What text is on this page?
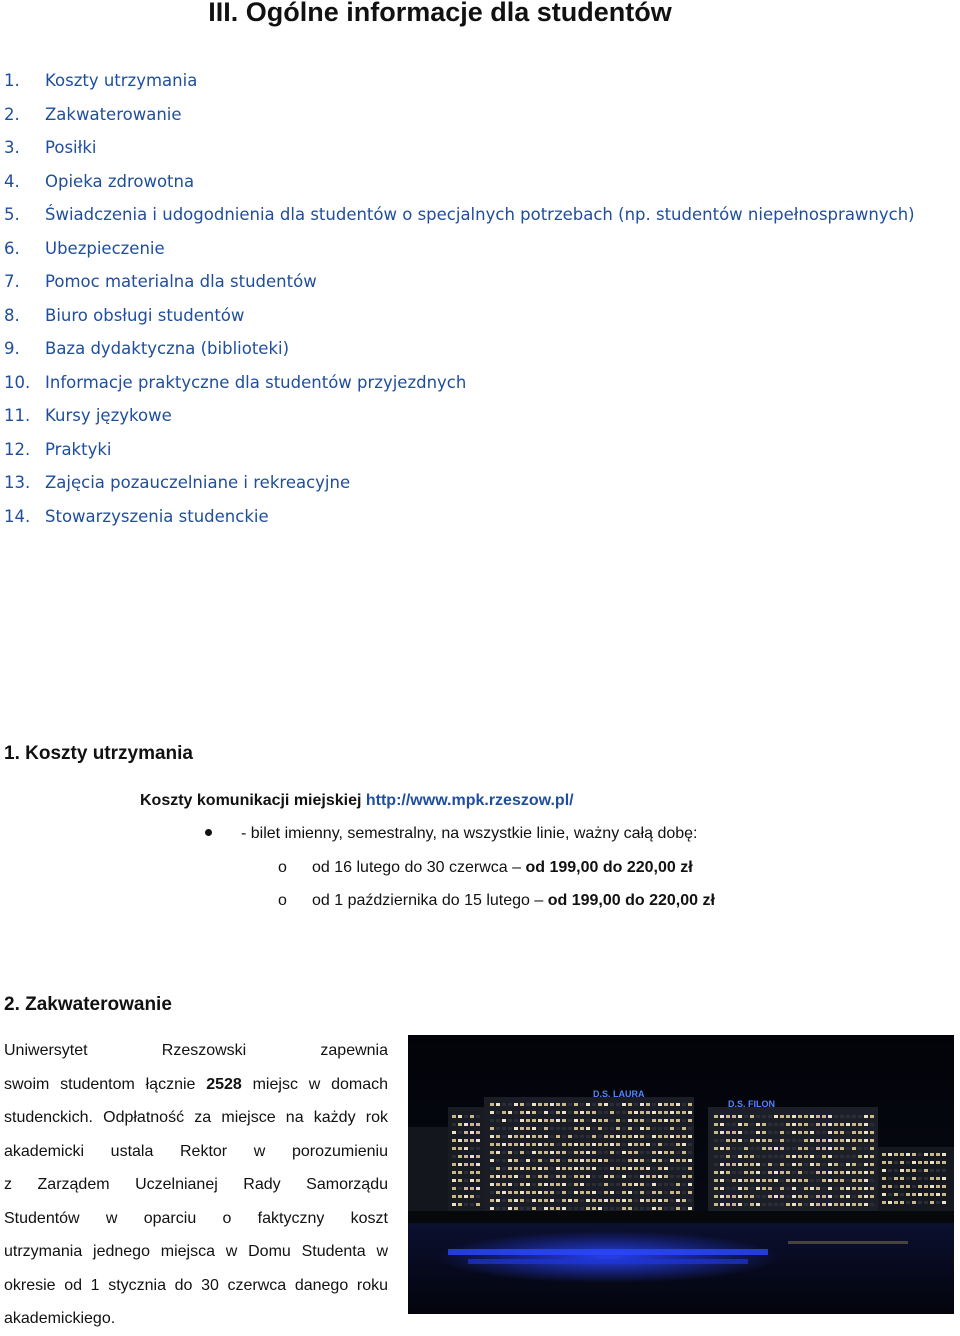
III. Ogólne informacje dla studentów
1. Koszty utrzymania
2. Zakwaterowanie
3. Posiłki
4. Opieka zdrowotna
5. Świadczenia i udogodnienia dla studentów o specjalnych potrzebach (np. studentów niepełnosprawnych)
6. Ubezpieczenie
7. Pomoc materialna dla studentów
8. Biuro obsługi studentów
9. Baza dydaktyczna (biblioteki)
10. Informacje praktyczne dla studentów przyjezdnych
11. Kursy językowe
12. Praktyki
13. Zajęcia pozauczelniane i rekreacyjne
14. Stowarzyszenia studenckie
1. Koszty utrzymania
Koszty komunikacji miejskiej http://www.mpk.rzeszow.pl/
- bilet imienny, semestralny, na wszystkie linie, ważny całą dobę:
o od 16 lutego do 30 czerwca – od 199,00 do 220,00 zł
o od 1 października do 15 lutego – od 199,00 do 220,00 zł
2. Zakwaterowanie

Uniwersytet Rzeszowski zapewnia
swoim studentom łącznie 2528 miejsc w domach
studenckich. Odpłatność za miejsce na każdy rok
akademicki ustala Rektor w porozumieniu
z Zarządem Uczelnianej Rady Samorządu
Studentów w oparciu o faktyczny koszt
utrzymania jednego miejsca w Domu Studenta w
okresie od 1 stycznia do 30 czerwca danego roku
akademickiego.

D.S. LAURA
D.S. FILON
